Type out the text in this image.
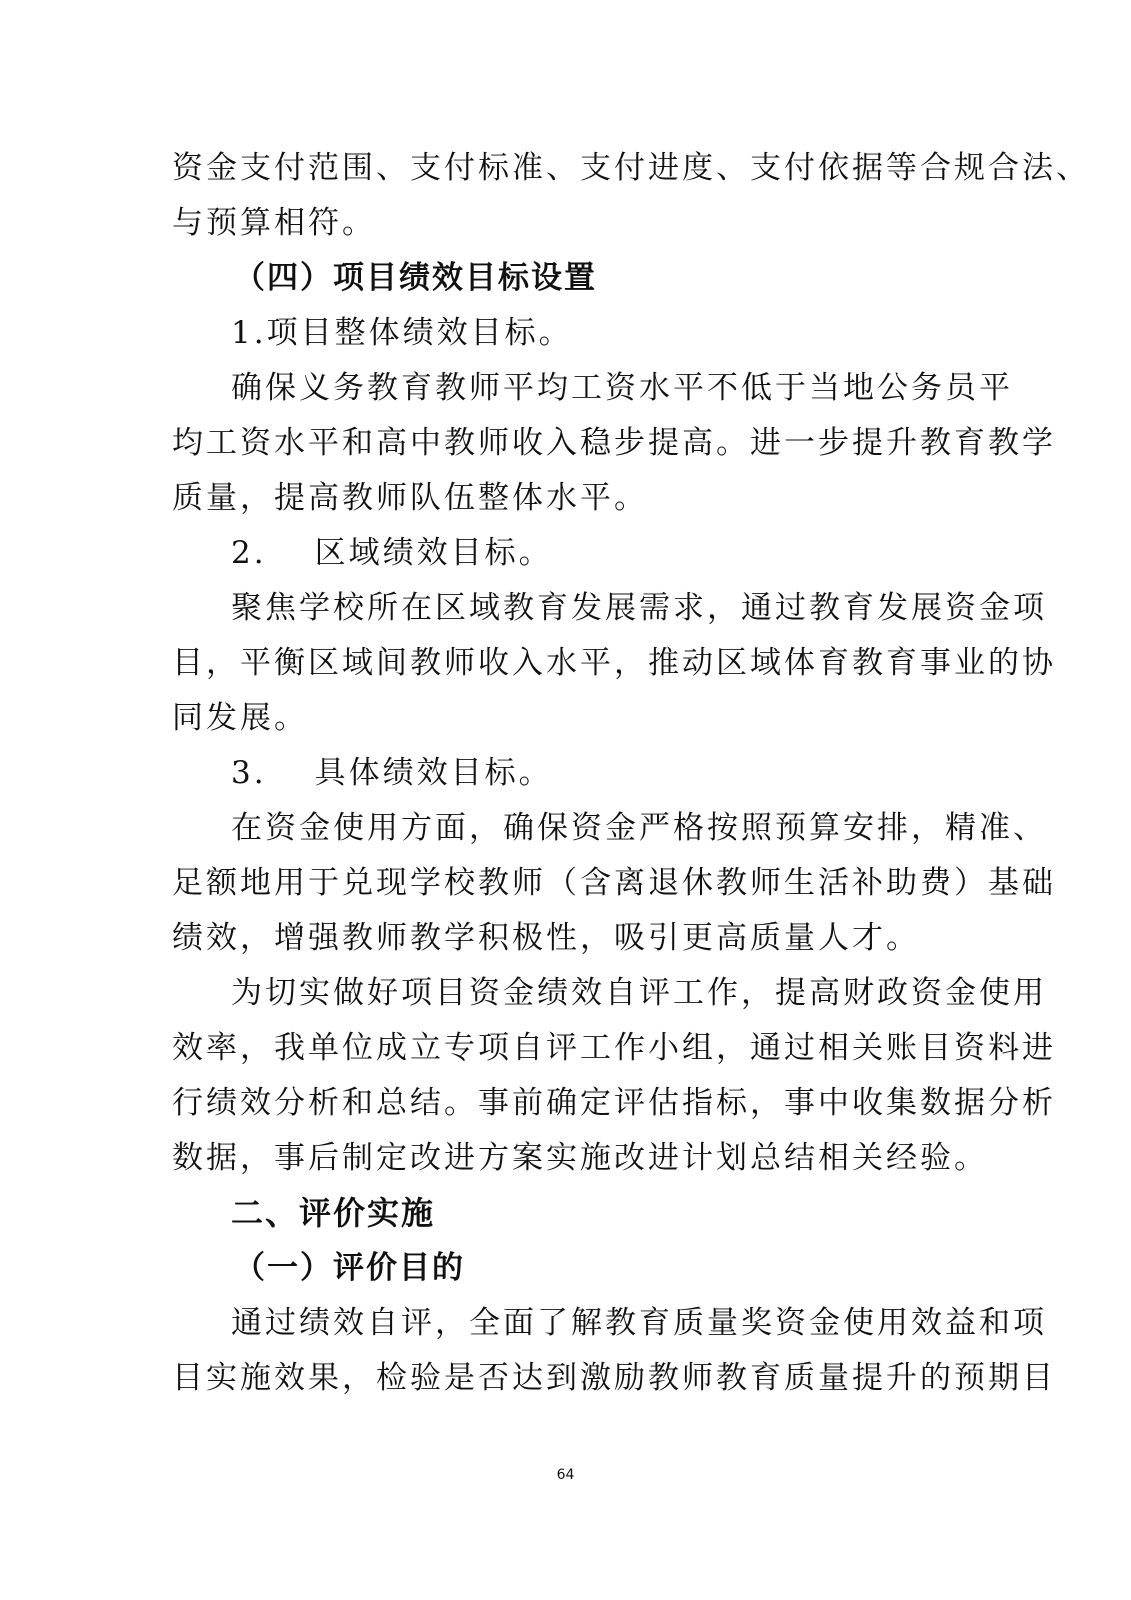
资金支付范围、支付标准、支付进度、支付依据等合规合法、
与预算相符。
（四）项目绩效目标设置
1.项目整体绩效目标。
确保义务教育教师平均工资水平不低于当地公务员平
均工资水平和高中教师收入稳步提高。进一步提升教育教学
质量，提高教师队伍整体水平。
2. 区域绩效目标。
聚焦学校所在区域教育发展需求，通过教育发展资金项
目，平衡区域间教师收入水平，推动区域体育教育事业的协
同发展。
3. 具体绩效目标。
在资金使用方面，确保资金严格按照预算安排，精准、
足额地用于兑现学校教师（含离退休教师生活补助费）基础
绩效，增强教师教学积极性，吸引更高质量人才。
为切实做好项目资金绩效自评工作，提高财政资金使用
效率，我单位成立专项自评工作小组，通过相关账目资料进
行绩效分析和总结。事前确定评估指标，事中收集数据分析
数据，事后制定改进方案实施改进计划总结相关经验。
二、评价实施
（一）评价目的
通过绩效自评，全面了解教育质量奖资金使用效益和项
目实施效果，检验是否达到激励教师教育质量提升的预期目
64
